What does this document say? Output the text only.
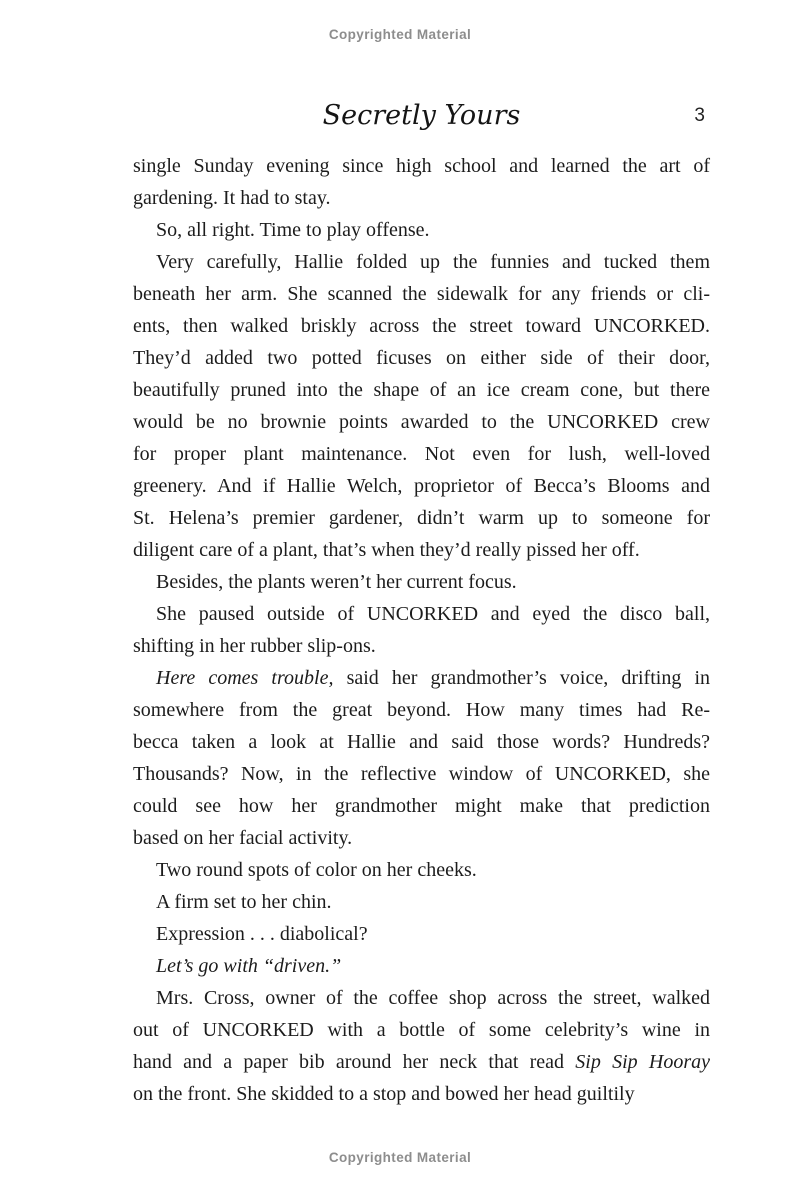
Copyrighted Material
Secretly Yours	3
single Sunday evening since high school and learned the art of
gardening. It had to stay.
So, all right. Time to play offense.
Very carefully, Hallie folded up the funnies and tucked them
beneath her arm. She scanned the sidewalk for any friends or cli-
ents, then walked briskly across the street toward UNCORKED.
They’d added two potted ficuses on either side of their door,
beautifully pruned into the shape of an ice cream cone, but there
would be no brownie points awarded to the UNCORKED crew
for proper plant maintenance. Not even for lush, well-loved
greenery. And if Hallie Welch, proprietor of Becca’s Blooms and
St. Helena’s premier gardener, didn’t warm up to someone for
diligent care of a plant, that’s when they’d really pissed her off.
Besides, the plants weren’t her current focus.
She paused outside of UNCORKED and eyed the disco ball,
shifting in her rubber slip-ons.
Here comes trouble, said her grandmother’s voice, drifting in
somewhere from the great beyond. How many times had Re-
becca taken a look at Hallie and said those words? Hundreds?
Thousands? Now, in the reflective window of UNCORKED, she
could see how her grandmother might make that prediction
based on her facial activity.
Two round spots of color on her cheeks.
A firm set to her chin.
Expression . . . diabolical?
Let’s go with “driven.”
Mrs. Cross, owner of the coffee shop across the street, walked
out of UNCORKED with a bottle of some celebrity’s wine in
hand and a paper bib around her neck that read Sip Sip Hooray
on the front. She skidded to a stop and bowed her head guiltily
Copyrighted Material
